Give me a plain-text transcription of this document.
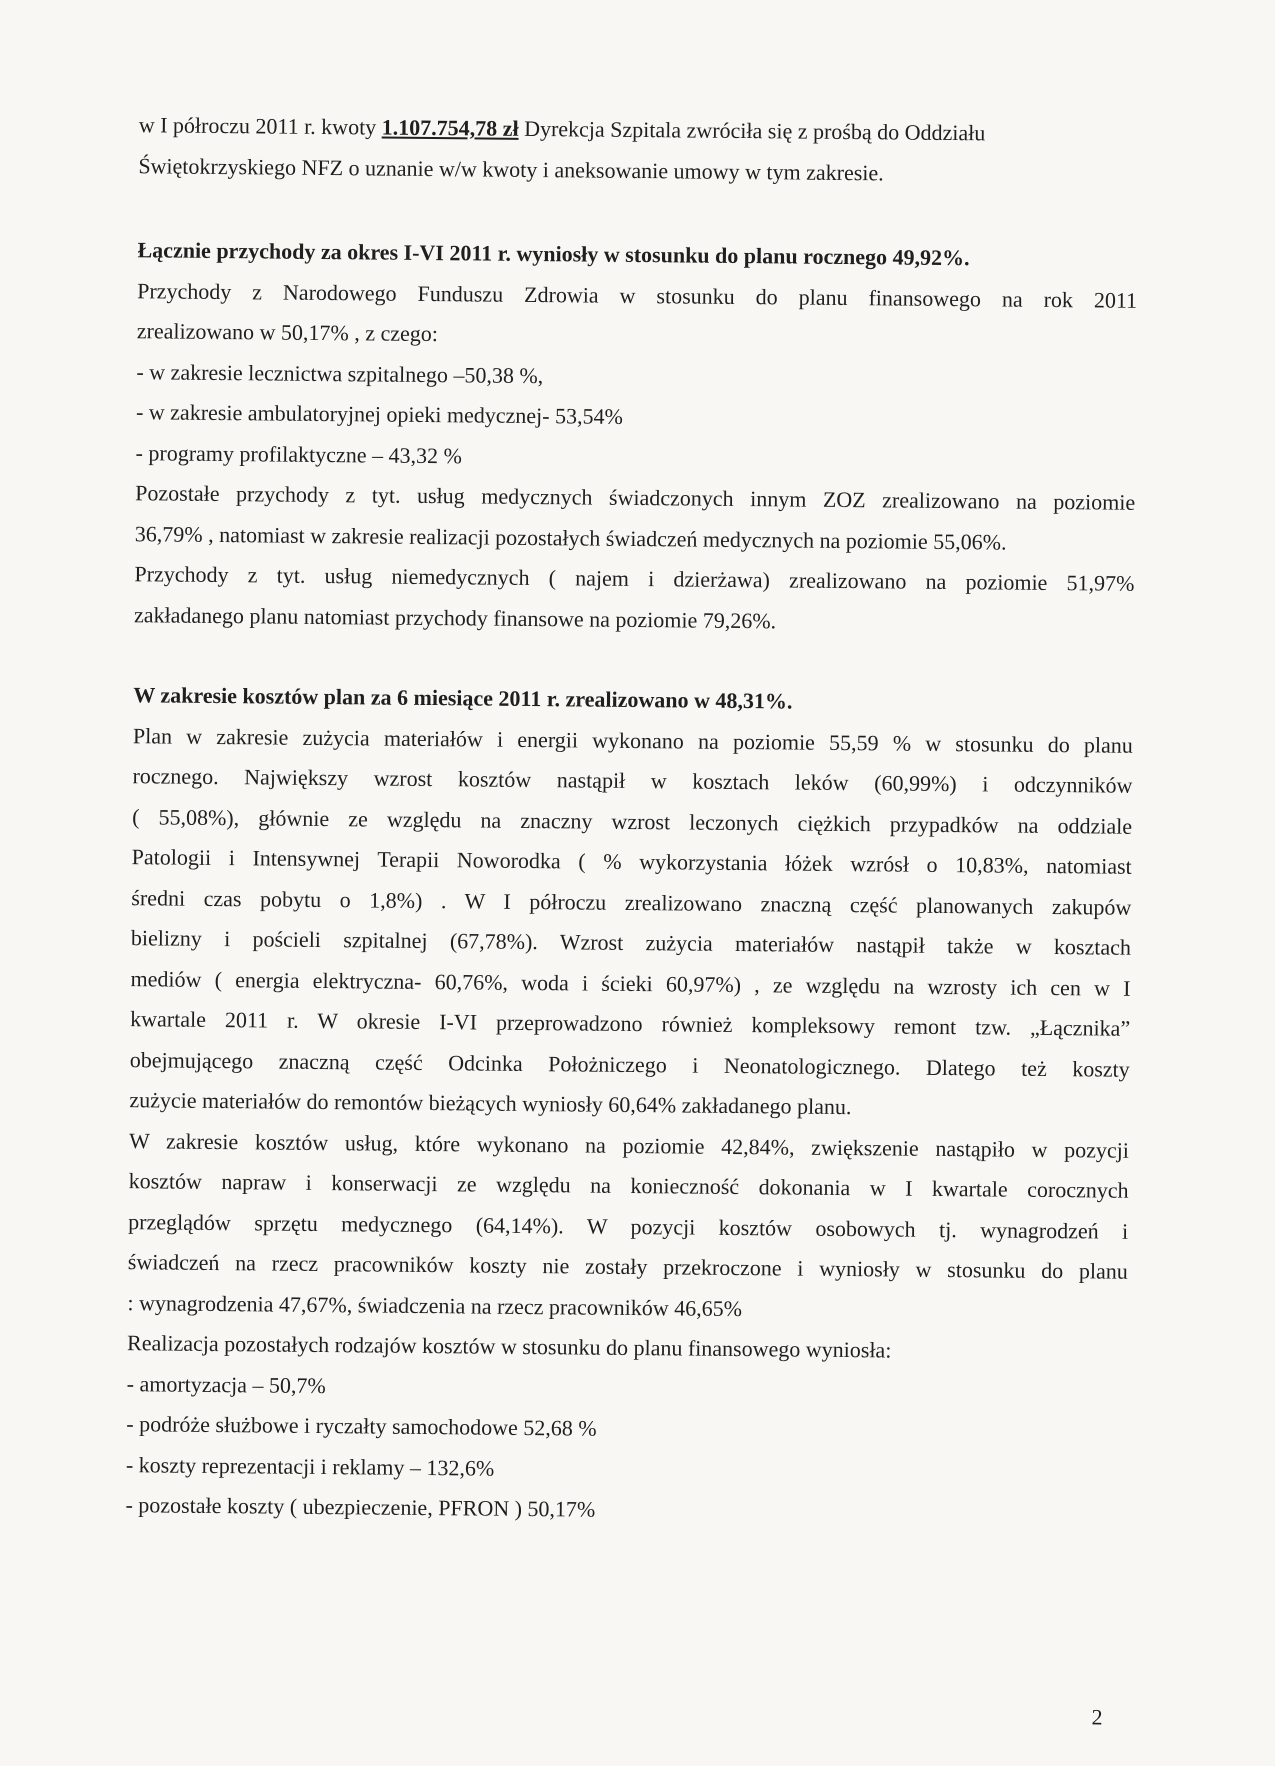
w I półroczu 2011 r. kwoty 1.107.754,78 zł Dyrekcja Szpitala zwróciła się z prośbą do Oddziału
Świętokrzyskiego NFZ o uznanie w/w kwoty i aneksowanie umowy w tym zakresie.
Łącznie przychody za okres I-VI 2011 r. wyniosły w stosunku do planu rocznego 49,92%.
Przychody z Narodowego Funduszu Zdrowia w stosunku do planu finansowego na rok 2011
zrealizowano w 50,17% , z czego:
- w zakresie lecznictwa szpitalnego –50,38 %,
- w zakresie ambulatoryjnej opieki medycznej- 53,54%
- programy profilaktyczne – 43,32 %
Pozostałe przychody z tyt. usług medycznych świadczonych innym ZOZ zrealizowano na poziomie
36,79% , natomiast w zakresie realizacji pozostałych świadczeń medycznych na poziomie 55,06%.
Przychody z tyt. usług niemedycznych ( najem i dzierżawa) zrealizowano na poziomie 51,97%
zakładanego planu natomiast przychody finansowe na poziomie 79,26%.
W zakresie kosztów plan za 6 miesiące 2011 r. zrealizowano w 48,31%.
Plan w zakresie zużycia materiałów i energii wykonano na poziomie 55,59 % w stosunku do planu
rocznego. Największy wzrost kosztów nastąpił w kosztach leków (60,99%) i odczynników
( 55,08%), głównie ze względu na znaczny wzrost leczonych ciężkich przypadków na oddziale
Patologii i Intensywnej Terapii Noworodka ( % wykorzystania łóżek wzrósł o 10,83%, natomiast
średni czas pobytu o 1,8%) . W I półroczu zrealizowano znaczną część planowanych zakupów
bielizny i pościeli szpitalnej (67,78%). Wzrost zużycia materiałów nastąpił także w kosztach
mediów ( energia elektryczna- 60,76%, woda i ścieki 60,97%) , ze względu na wzrosty ich cen w I
kwartale 2011 r. W okresie I-VI przeprowadzono również kompleksowy remont tzw. „Łącznika”
obejmującego znaczną część Odcinka Położniczego i Neonatologicznego. Dlatego też koszty
zużycie materiałów do remontów bieżących wyniosły 60,64% zakładanego planu.
W zakresie kosztów usług, które wykonano na poziomie 42,84%, zwiększenie nastąpiło w pozycji
kosztów napraw i konserwacji ze względu na konieczność dokonania w I kwartale corocznych
przeglądów sprzętu medycznego (64,14%). W pozycji kosztów osobowych tj. wynagrodzeń i
świadczeń na rzecz pracowników koszty nie zostały przekroczone i wyniosły w stosunku do planu
: wynagrodzenia 47,67%, świadczenia na rzecz pracowników 46,65%
Realizacja pozostałych rodzajów kosztów w stosunku do planu finansowego wyniosła:
- amortyzacja – 50,7%
- podróże służbowe i ryczałty samochodowe 52,68 %
- koszty reprezentacji i reklamy – 132,6%
- pozostałe koszty ( ubezpieczenie, PFRON ) 50,17%
2
